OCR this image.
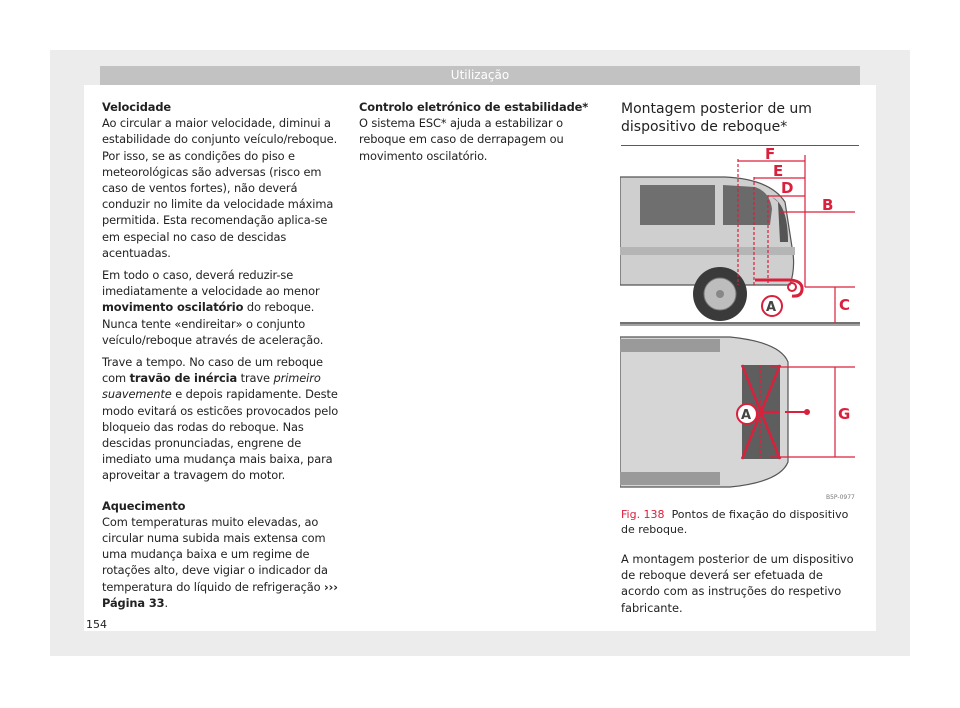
Utilização
Velocidade

Ao circular a maior velocidade, diminui a estabilidade do conjunto veículo/reboque. Por isso, se as condições do piso e meteorológicas são adversas (risco em caso de ventos fortes), não deverá conduzir no limite da velocidade máxima permitida. Esta recomendação aplica-se em especial no caso de descidas acentuadas.

Em todo o caso, deverá reduzir-se imediatamente a velocidade ao menor movimento oscilatório do reboque. Nunca tente «endireitar» o conjunto veículo/reboque através de aceleração.

Trave a tempo. No caso de um reboque com travão de inércia trave primeiro suavemente e depois rapidamente. Deste modo evitará os esticões provocados pelo bloqueio das rodas do reboque. Nas descidas pronunciadas, engrene de imediato uma mudança mais baixa, para aproveitar a travagem do motor.

Aquecimento

Com temperaturas muito elevadas, ao circular numa subida mais extensa com uma mudança baixa e um regime de rotações alto, deve vigiar o indicador da temperatura do líquido de refrigeração ››› Página 33.

Controlo eletrónico de estabilidade*

O sistema ESC* ajuda a estabilizar o reboque em caso de derrapagem ou movimento oscilatório.

Montagem posterior de um dispositivo de reboque*
F
E
D
B
C
A
G
A
B5P-0977
Fig. 138 Pontos de fixação do dispositivo de reboque.
A montagem posterior de um dispositivo de reboque deverá ser efetuada de acordo com as instruções do respetivo fabricante.
154
